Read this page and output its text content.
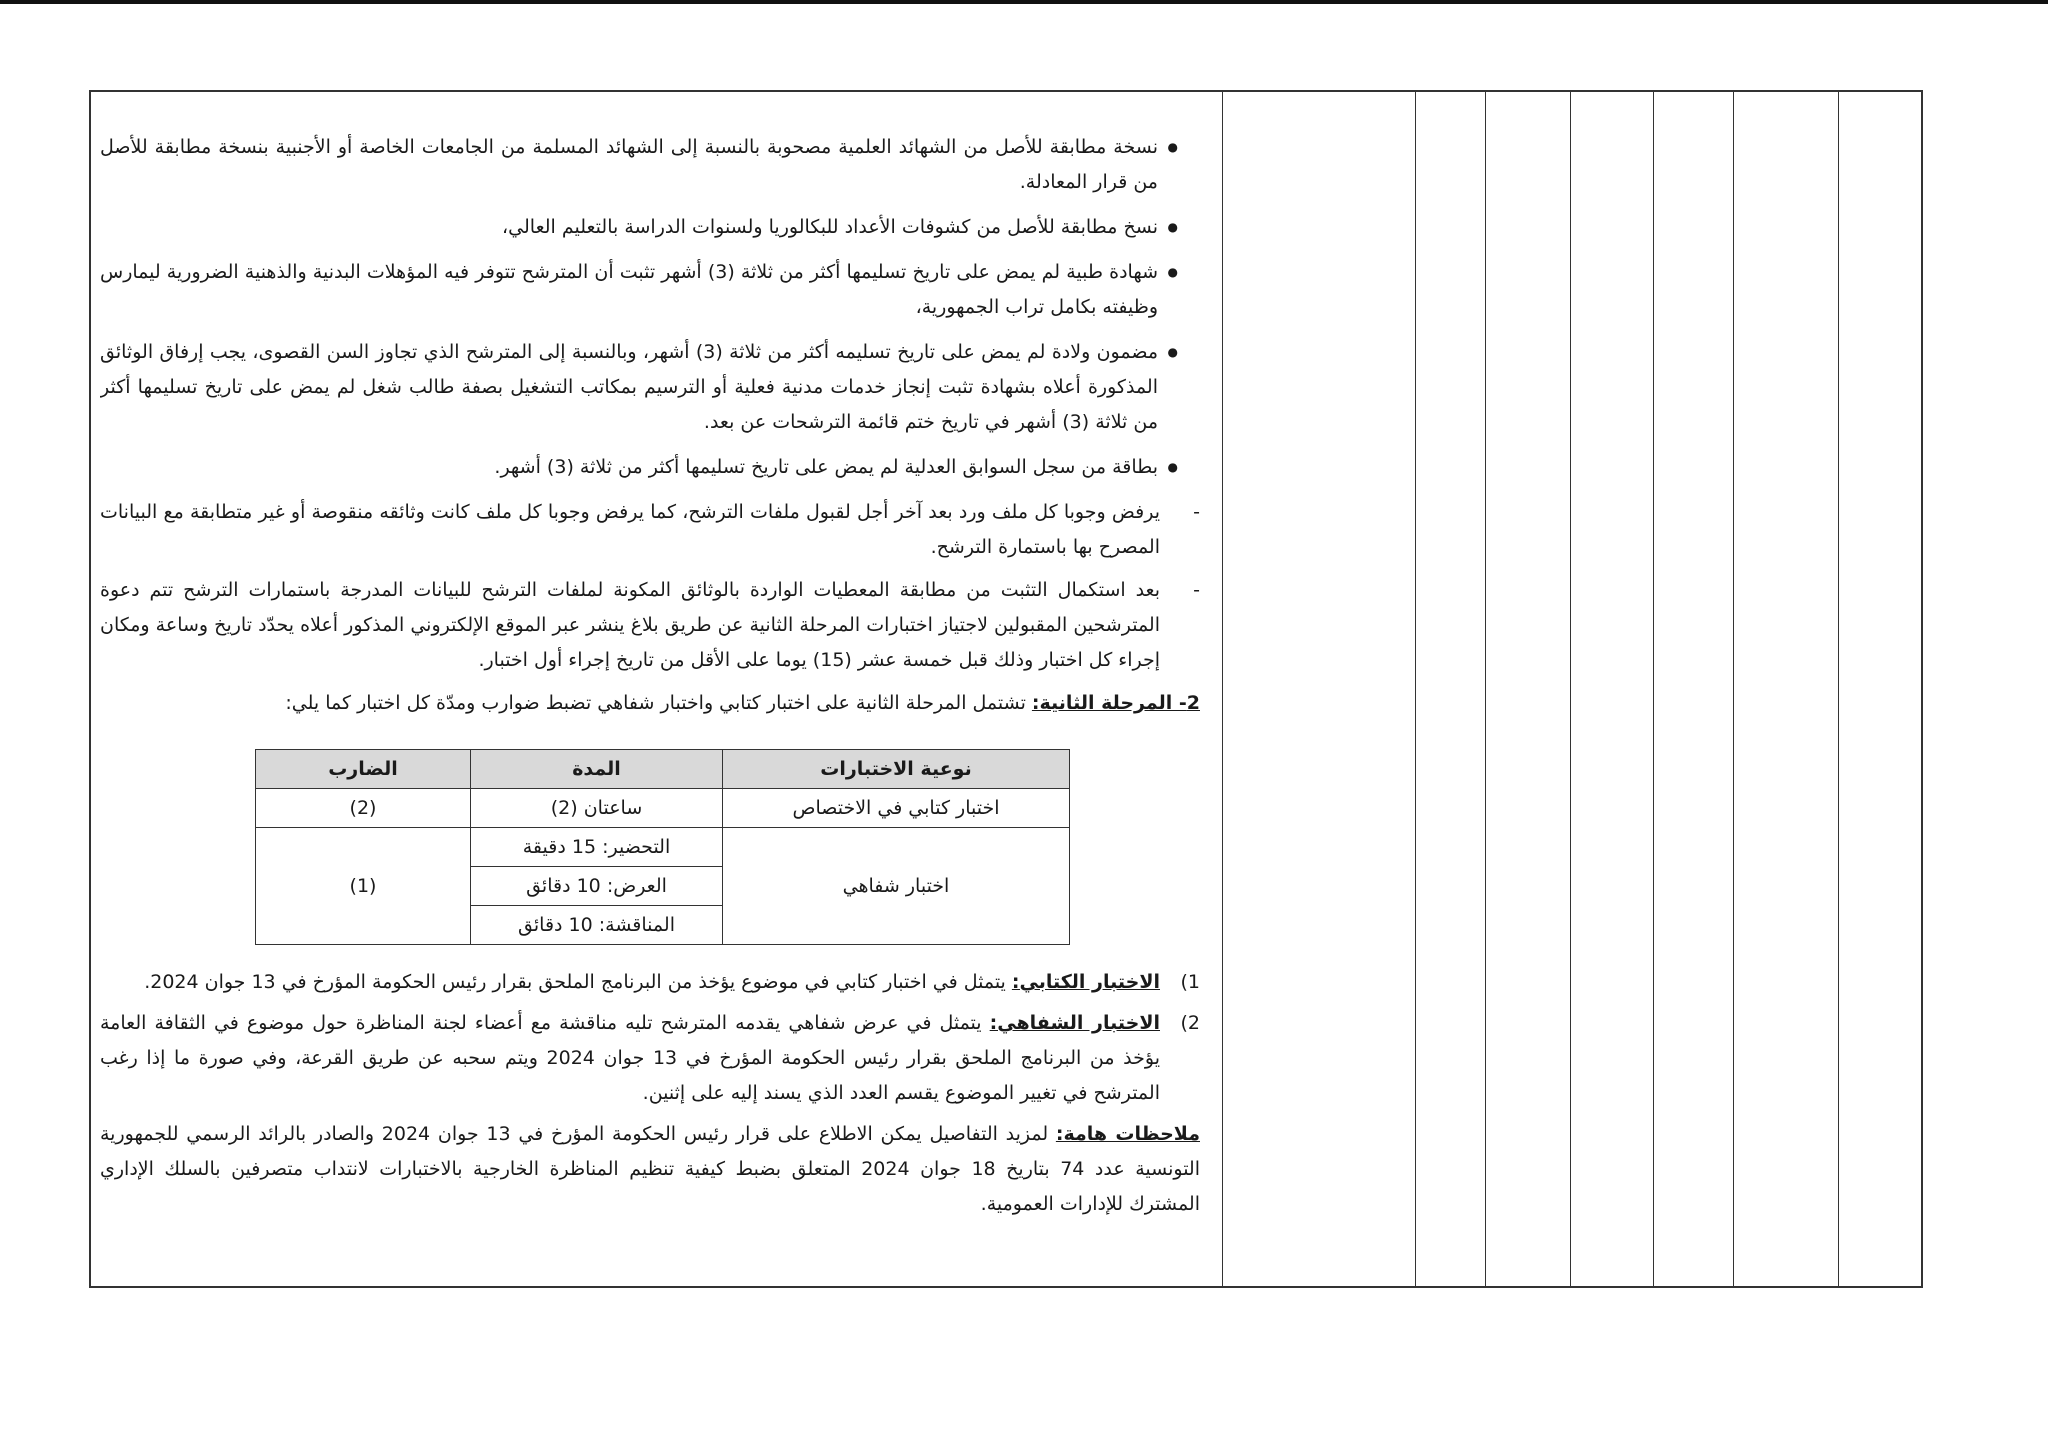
● نسخة مطابقة للأصل من الشهائد العلمية مصحوبة بالنسبة إلى الشهائد المسلمة من الجامعات الخاصة أو الأجنبية بنسخة مطابقة للأصل من قرار المعادلة.

● نسخ مطابقة للأصل من كشوفات الأعداد للبكالوريا ولسنوات الدراسة بالتعليم العالي،

● شهادة طبية لم يمض على تاريخ تسليمها أكثر من ثلاثة (3) أشهر تثبت أن المترشح تتوفر فيه المؤهلات البدنية والذهنية الضرورية ليمارس وظيفته بكامل تراب الجمهورية،

● مضمون ولادة لم يمض على تاريخ تسليمه أكثر من ثلاثة (3) أشهر، وبالنسبة إلى المترشح الذي تجاوز السن القصوى، يجب إرفاق الوثائق المذكورة أعلاه بشهادة تثبت إنجاز خدمات مدنية فعلية أو الترسيم بمكاتب التشغيل بصفة طالب شغل لم يمض على تاريخ تسليمها أكثر من ثلاثة (3) أشهر في تاريخ ختم قائمة الترشحات عن بعد.

● بطاقة من سجل السوابق العدلية لم يمض على تاريخ تسليمها أكثر من ثلاثة (3) أشهر.

- يرفض وجوبا كل ملف ورد بعد آخر أجل لقبول ملفات الترشح، كما يرفض وجوبا كل ملف كانت وثائقه منقوصة أو غير متطابقة مع البيانات المصرح بها باستمارة الترشح.

- بعد استكمال التثبت من مطابقة المعطيات الواردة بالوثائق المكونة لملفات الترشح للبيانات المدرجة باستمارات الترشح تتم دعوة المترشحين المقبولين لاجتياز اختبارات المرحلة الثانية عن طريق بلاغ ينشر عبر الموقع الإلكتروني المذكور أعلاه يحدّد تاريخ وساعة ومكان إجراء كل اختبار وذلك قبل خمسة عشر (15) يوما على الأقل من تاريخ إجراء أول اختبار.

2- المرحلة الثانية: تشتمل المرحلة الثانية على اختبار كتابي واختبار شفاهي تضبط ضوارب ومدّة كل اختبار كما يلي:

نوعية الاختبارات	المدة	الضارب
اختبار كتابي في الاختصاص	ساعتان (2)	(2)
اختبار شفاهي	التحضير: 15 دقيقة	(1)
	العرض: 10 دقائق	
	المناقشة: 10 دقائق	

1)
الاختبار الكتابي: يتمثل في اختبار كتابي في موضوع يؤخذ من البرنامج الملحق بقرار رئيس الحكومة المؤرخ في 13 جوان 2024.

2)
الاختبار الشفاهي: يتمثل في عرض شفاهي يقدمه المترشح تليه مناقشة مع أعضاء لجنة المناظرة حول موضوع في الثقافة العامة يؤخذ من البرنامج الملحق بقرار رئيس الحكومة المؤرخ في 13 جوان 2024 ويتم سحبه عن طريق القرعة، وفي صورة ما إذا رغب المترشح في تغيير الموضوع يقسم العدد الذي يسند إليه على إثنين.

ملاحظات هامة: لمزيد التفاصيل يمكن الاطلاع على قرار رئيس الحكومة المؤرخ في 13 جوان 2024 والصادر بالرائد الرسمي للجمهورية التونسية عدد 74 بتاريخ 18 جوان 2024 المتعلق بضبط كيفية تنظيم المناظرة الخارجية بالاختبارات لانتداب متصرفين بالسلك الإداري المشترك للإدارات العمومية.
